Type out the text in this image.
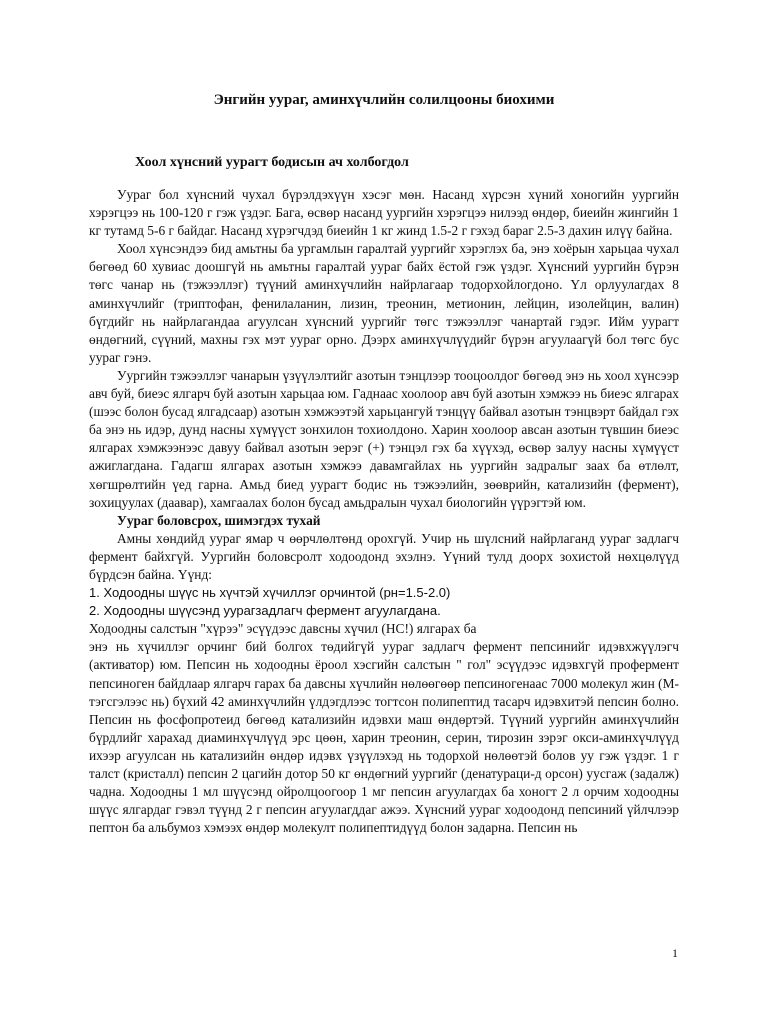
Энгийн уураг, аминхүчлийн солилцооны биохими
Хоол хүнсний уурагт бодисын ач холбогдол

Уураг бол хүнсний чухал бүрэлдэхүүн хэсэг мөн. Насанд хүрсэн хүний хоногийн уургийн хэрэгцээ нь 100-120 г гэж үздэг. Бага, өсвөр насанд уургийн хэрэгцээ нилээд өндөр, биеийн жингийн 1 кг тутамд 5-6 г байдаг. Насанд хүрэгчдэд биеийн 1 кг жинд 1.5-2 г гэхэд бараг 2.5-3 дахин илүү байна.

Хоол хүнсэндээ бид амьтны ба ургамлын гаралтай уургийг хэрэглэх ба, энэ хоёрын харьцаа чухал бөгөөд 60 хувиас доошгүй нь амьтны гаралтай уураг байх ёстой гэж үздэг. Хүнсний уургийн бүрэн төгс чанар нь (тэжээллэг) түүний аминхүчлийн найрлагаар тодорхойлогдоно. Үл орлуулагдах 8 аминхүчлийг (триптофан, фенилаланин, лизин, треонин, метионин, лейцин, изолейцин, валин) бүгдийг нь найрлагандаа агуулсан хүнсний уургийг төгс тэжээллэг чанартай гэдэг. Ийм уурагт өндөгний, сүүний, махны гэх мэт уураг орно. Дээрх аминхүчлүүдийг бүрэн агуулаагүй бол төгс бус уураг гэнэ.

Уургийн тэжээллэг чанарын үзүүлэлтийг азотын тэнцлээр тооцоолдог бөгөөд энэ нь хоол хүнсээр авч буй, биеэс ялгарч буй азотын харьцаа юм. Гаднаас хоолоор авч буй азотын хэмжээ нь биеэс ялгарах (шээс болон бусад ялгадсаар) азотын хэмжээтэй харьцангуй тэнцүү байвал азотын тэнцвэрт байдал гэх ба энэ нь идэр, дунд насны хүмүүст зонхилон тохиолдоно. Харин хоолоор авсан азотын түвшин биеэс ялгарах хэмжээнээс давуу байвал азотын эерэг (+) тэнцэл гэх ба хүүхэд, өсвөр залуу насны хүмүүст ажиглагдана. Гадагш ялгарах азотын хэмжээ давамгайлах нь уургийн задралыг заах ба өтлөлт, хөгшрөлтийн үед гарна. Амьд биед уурагт бодис нь тэжээлийн, зөөврийн, катализийн (фермент), зохицуулах (даавар), хамгаалах болон бусад амьдралын чухал биологийн үүрэгтэй юм.

Уураг боловсрох, шимэгдэх тухай

Амны хөндийд уураг ямар ч өөрчлөлтөнд орохгүй. Учир нь шүлсний найрлаганд уураг задлагч фермент байхгүй. Уургийн боловсролт ходоодонд эхэлнэ. Үүний тулд доорх зохистой нөхцөлүүд бүрдсэн байна. Үүнд:

1. Ходоодны шүүс нь хүчтэй хүчиллэг орчинтой (рн=1.5-2.0)

2. Ходоодны шүүсэнд уурагзадлагч фермент агуулагдана.

Ходоодны салстын "хүрээ" эсүүдээс давсны хүчил (HC!) ялгарах ба

энэ нь хүчиллэг орчинг бий болгох төдийгүй уураг задлагч фермент пепсинийг идэвхжүүлэгч (активатор) юм. Пепсин нь ходоодны ёроол хэсгийн салстын " гол" эсүүдээс идэвхгүй профермент пепсиноген байдлаар ялгарч гарах ба давсны хүчлийн нөлөөгөөр пепсиногенаас 7000 молекул жин (М- тэгсгэлээс нь) бүхий 42 аминхүчлийн үлдэгдлээс тогтсон полипептид тасарч идэвхитэй пепсин болно. Пепсин нь фосфопротеид бөгөөд катализийн идэвхи маш өндөртэй. Түүний уургийн аминхүчлийн бүрдлийг харахад диаминхүчлүүд эрс цөөн, харин треонин, серин, тирозин зэрэг окси-аминхүчлүүд ихээр агуулсан нь катализийн өндөр идэвх үзүүлэхэд нь тодорхой нөлөөтэй болов уу гэж үздэг. 1 г талст (кристалл) пепсин 2 цагийн дотор 50 кг өндөгний уургийг (денатураци-д орсон) уусгаж (задалж) чадна. Ходоодны 1 мл шүүсэнд ойролцоогоор 1 мг пепсин агуулагдах ба хоногт 2 л орчим ходоодны шүүс ялгардаг гэвэл түүнд 2 г пепсин агуулагддаг ажээ. Хүнсний уураг ходоодонд пепсиний үйлчлээр пептон ба альбумоз хэмээх өндөр молекулт полипептидүүд болон задарна. Пепсин нь

1
